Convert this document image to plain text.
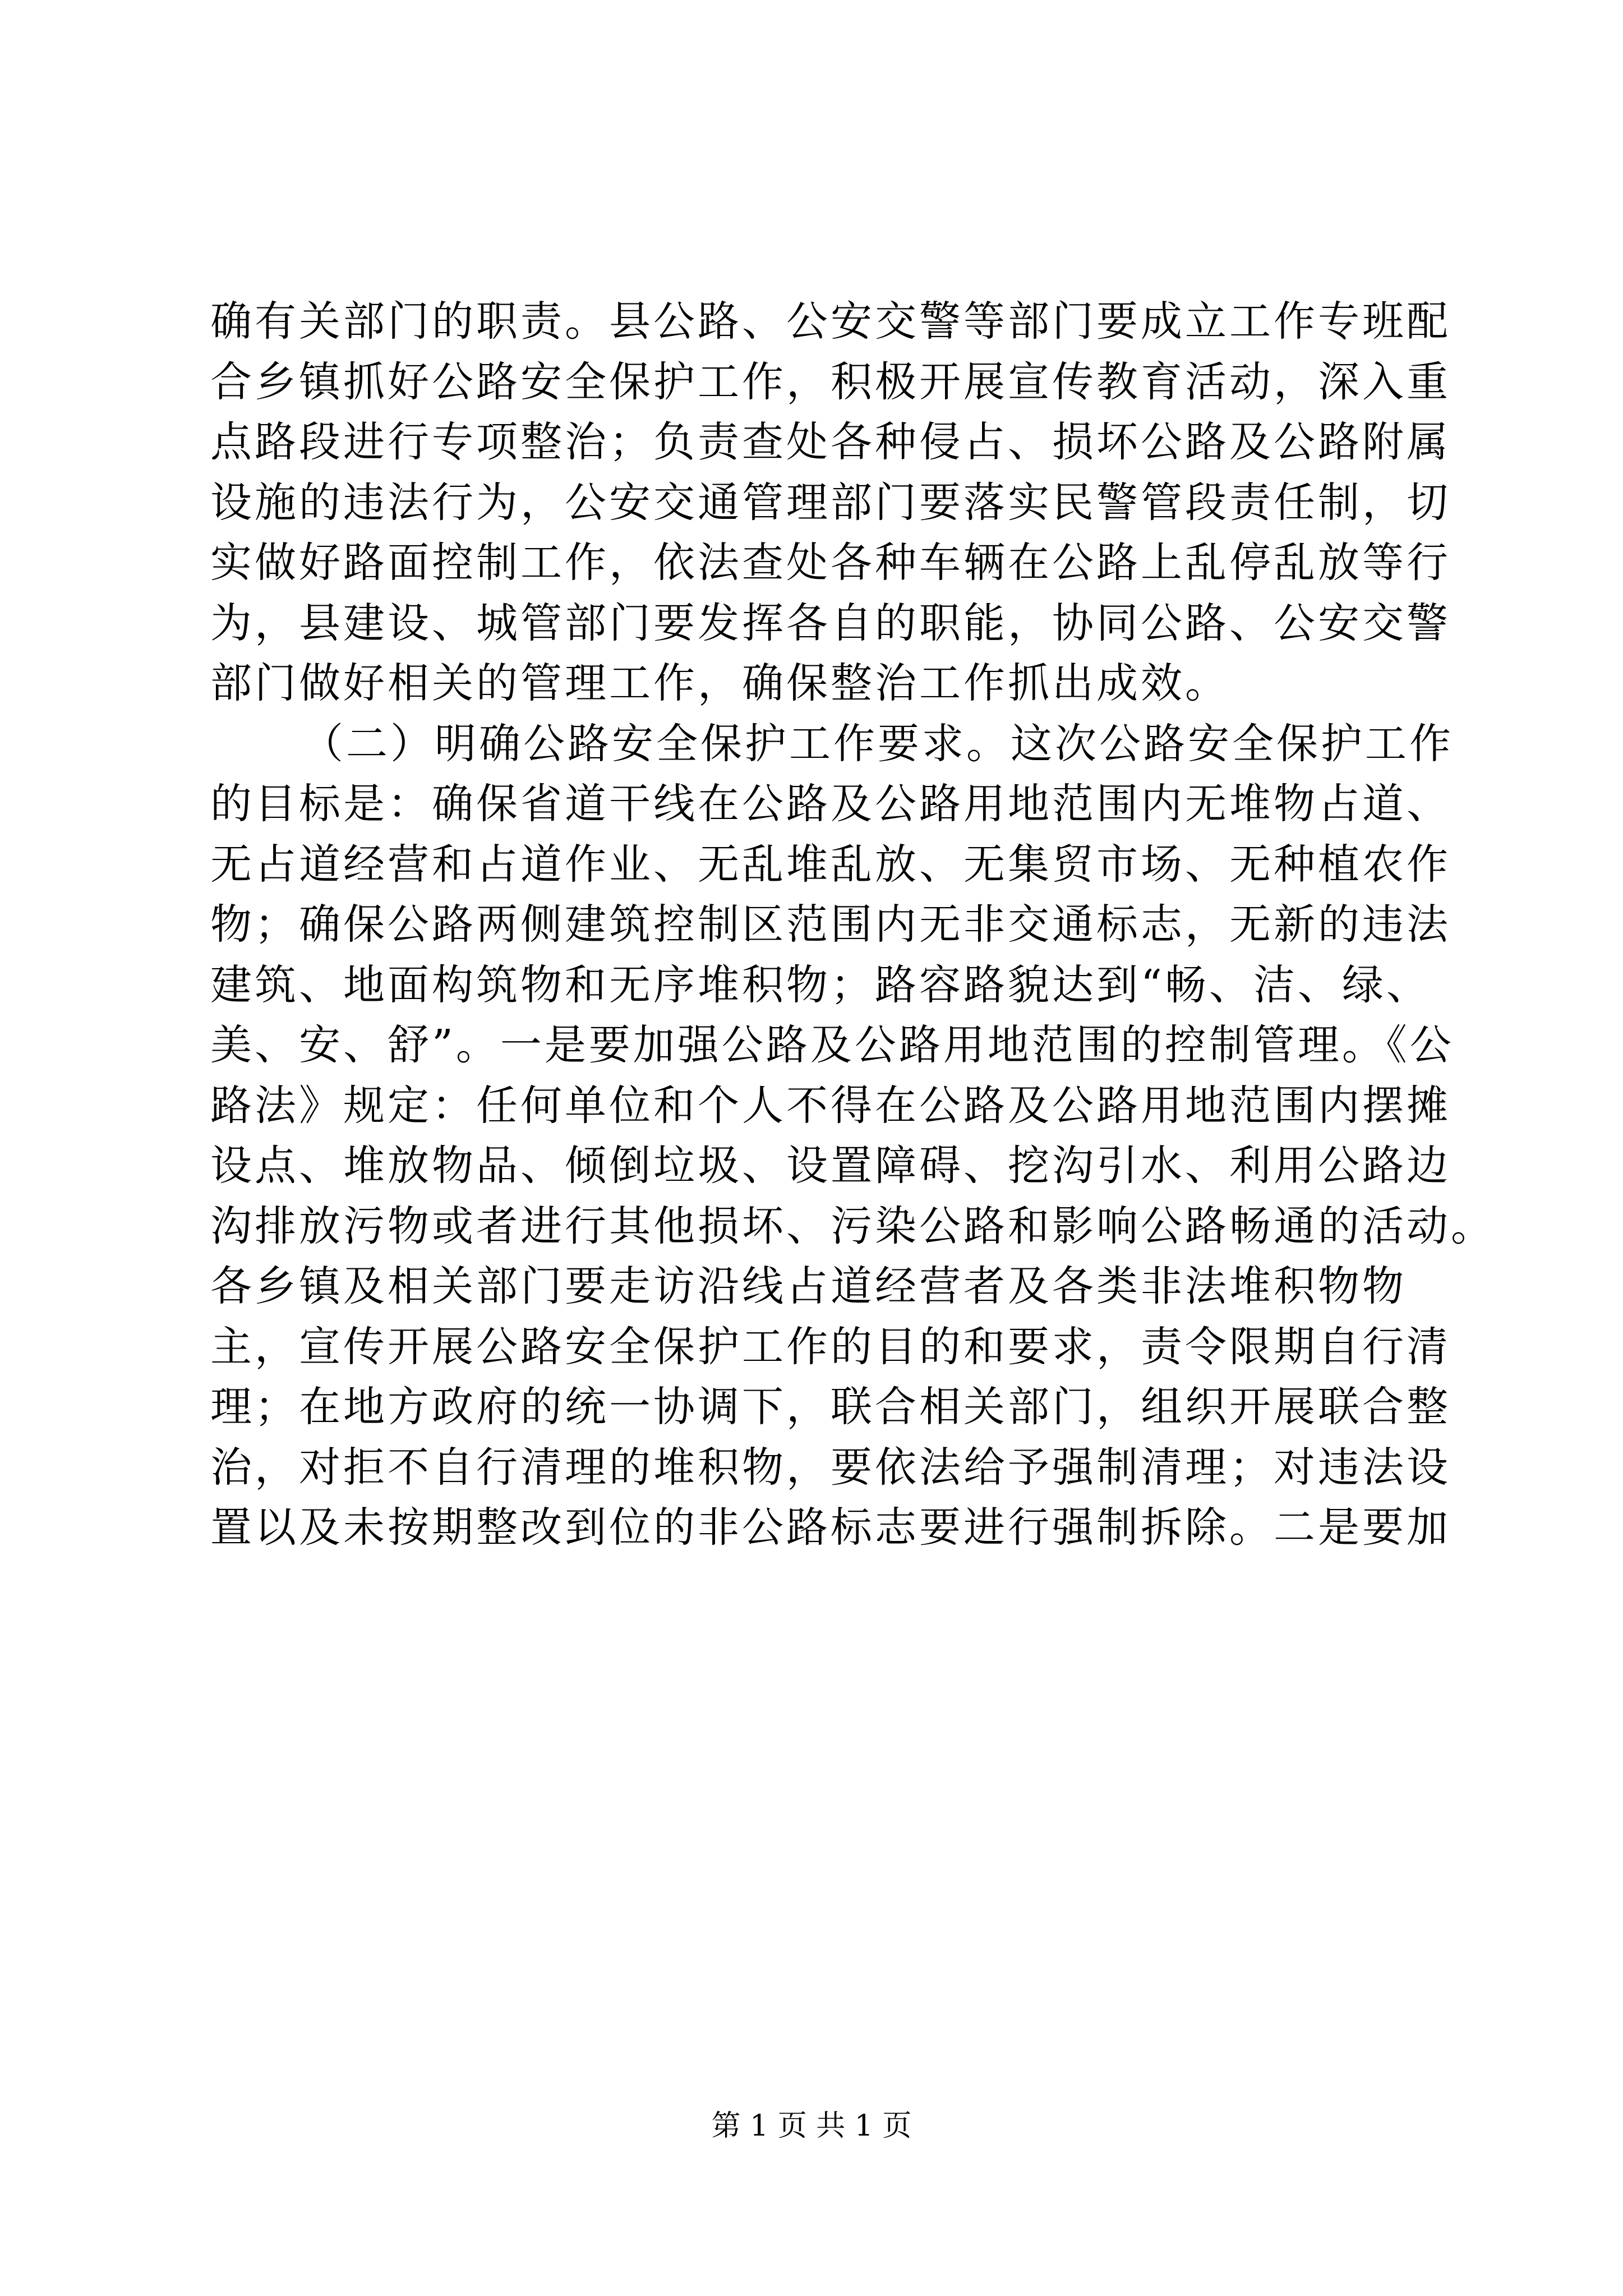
确有关部门的职责。县公路、公安交警等部门要成立工作专班配
合乡镇抓好公路安全保护工作，积极开展宣传教育活动，深入重
点路段进行专项整治；负责查处各种侵占、损坏公路及公路附属
设施的违法行为，公安交通管理部门要落实民警管段责任制，切
实做好路面控制工作，依法查处各种车辆在公路上乱停乱放等行
为，县建设、城管部门要发挥各自的职能，协同公路、公安交警
部门做好相关的管理工作，确保整治工作抓出成效。
（二）明确公路安全保护工作要求。这次公路安全保护工作
的目标是：确保省道干线在公路及公路用地范围内无堆物占道、
无占道经营和占道作业、无乱堆乱放、无集贸市场、无种植农作
物；确保公路两侧建筑控制区范围内无非交通标志，无新的违法
建筑、地面构筑物和无序堆积物；路容路貌达到“畅、洁、绿、
美、安、舒”。一是要加强公路及公路用地范围的控制管理。《公
路法》规定：任何单位和个人不得在公路及公路用地范围内摆摊
设点、堆放物品、倾倒垃圾、设置障碍、挖沟引水、利用公路边
沟排放污物或者进行其他损坏、污染公路和影响公路畅通的活动。
各乡镇及相关部门要走访沿线占道经营者及各类非法堆积物物
主，宣传开展公路安全保护工作的目的和要求，责令限期自行清
理；在地方政府的统一协调下，联合相关部门，组织开展联合整
治，对拒不自行清理的堆积物，要依法给予强制清理；对违法设
置以及未按期整改到位的非公路标志要进行强制拆除。二是要加
第 1 页 共 1 页
